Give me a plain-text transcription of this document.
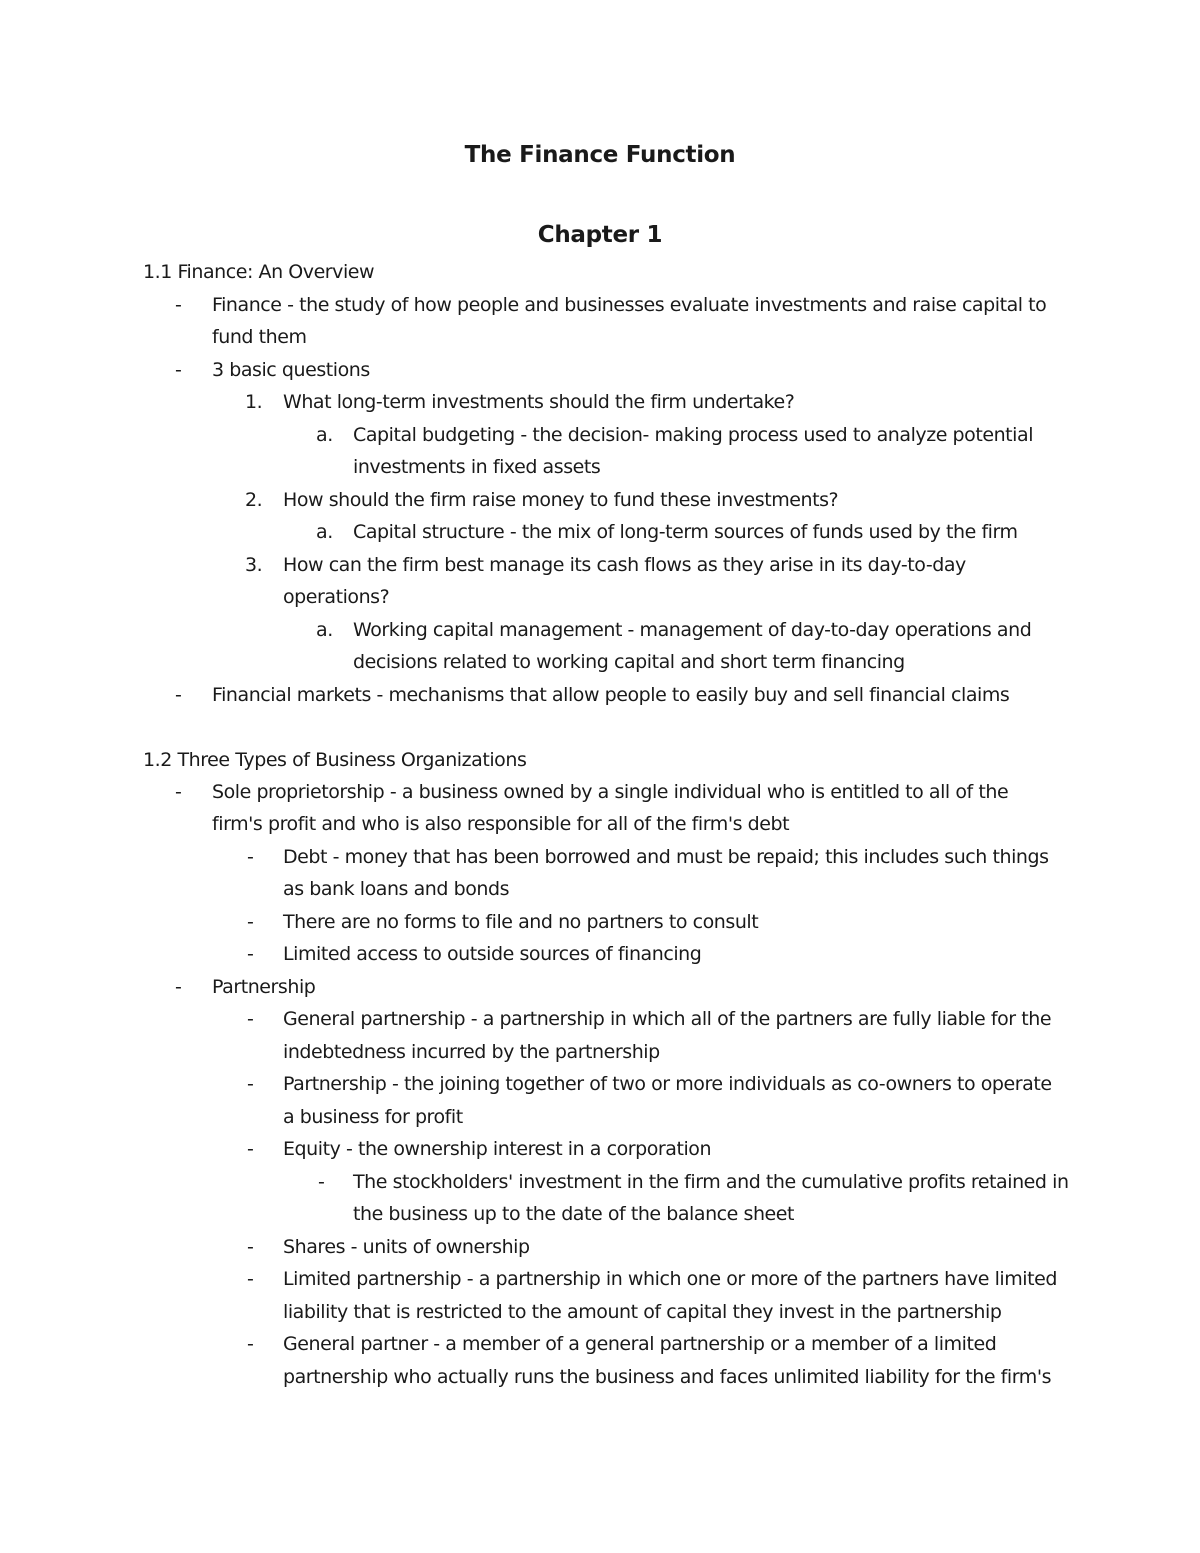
The Finance Function
Chapter 1
1.1 Finance: An Overview
- Finance - the study of how people and businesses evaluate investments and raise capital to
fund them
- 3 basic questions
1. What long-term investments should the firm undertake?
a. Capital budgeting - the decision- making process used to analyze potential
investments in fixed assets
2. How should the firm raise money to fund these investments?
a. Capital structure - the mix of long-term sources of funds used by the firm
3. How can the firm best manage its cash flows as they arise in its day-to-day
operations?
a. Working capital management - management of day-to-day operations and
decisions related to working capital and short term financing
- Financial markets - mechanisms that allow people to easily buy and sell financial claims
1.2 Three Types of Business Organizations
- Sole proprietorship - a business owned by a single individual who is entitled to all of the
firm's profit and who is also responsible for all of the firm's debt
- Debt - money that has been borrowed and must be repaid; this includes such things
as bank loans and bonds
- There are no forms to file and no partners to consult
- Limited access to outside sources of financing
- Partnership
- General partnership - a partnership in which all of the partners are fully liable for the
indebtedness incurred by the partnership
- Partnership - the joining together of two or more individuals as co-owners to operate
a business for profit
- Equity - the ownership interest in a corporation
- The stockholders' investment in the firm and the cumulative profits retained in
the business up to the date of the balance sheet
- Shares - units of ownership
- Limited partnership - a partnership in which one or more of the partners have limited
liability that is restricted to the amount of capital they invest in the partnership
- General partner - a member of a general partnership or a member of a limited
partnership who actually runs the business and faces unlimited liability for the firm's
